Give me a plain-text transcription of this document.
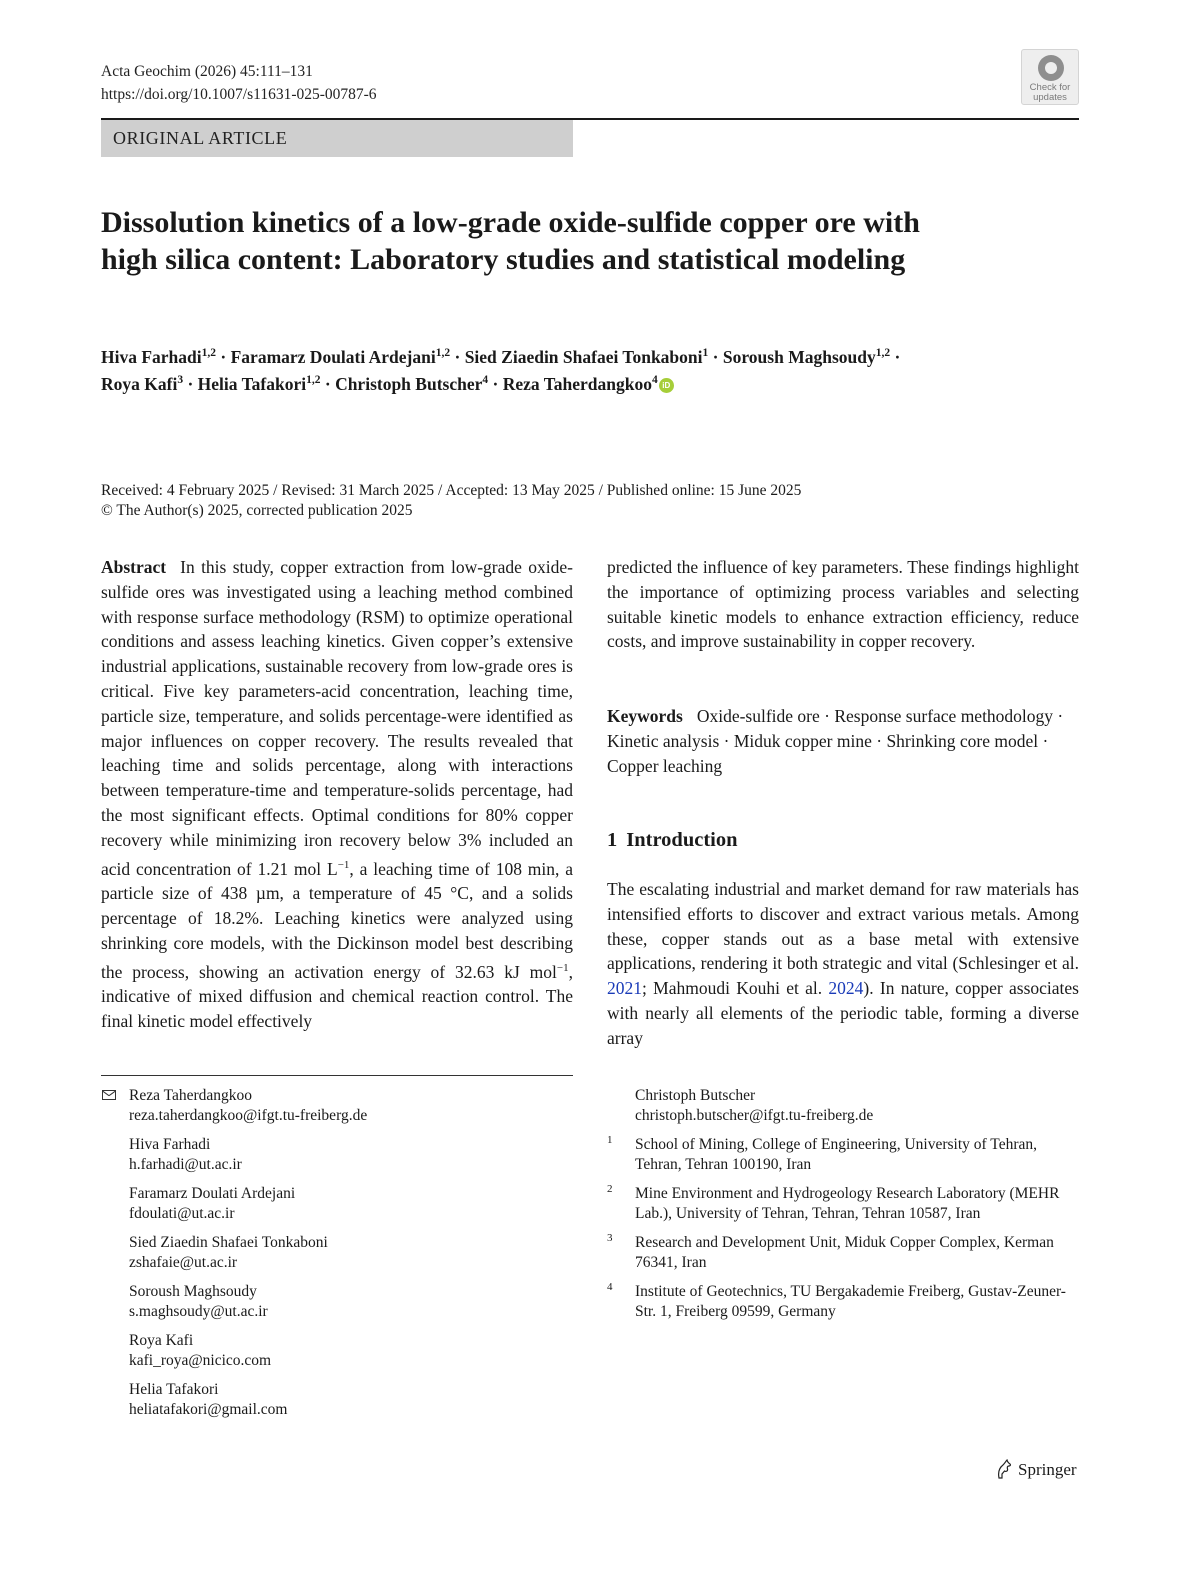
Acta Geochim (2026) 45:111–131
https://doi.org/10.1007/s11631-025-00787-6	Check for
updates
ORIGINAL ARTICLE
Dissolution kinetics of a low-grade oxide-sulfide copper ore with high silica content: Laboratory studies and statistical modeling
Hiva Farhadi$^{1,2}$ · Faramarz Doulati Ardejani$^{1,2}$ · Sied Ziaedin Shafaei Tonkaboni$^1$ · Soroush Maghsoudy$^{1,2}$ ·
Roya Kafi$^3$ · Helia Tafakori$^{1,2}$ · Christoph Butscher$^4$ · Reza Taherdangkoo$^4$ iD
Received: 4 February 2025 / Revised: 31 March 2025 / Accepted: 13 May 2025 / Published online: 15 June 2025
© The Author(s) 2025, corrected publication 2025

Abstract In this study, copper extraction from low-grade oxide-sulfide ores was investigated using a leaching method combined with response surface methodology (RSM) to optimize operational conditions and assess leaching kinetics. Given copper’s extensive industrial applications, sustainable recovery from low-grade ores is critical. Five key parameters-acid concentration, leaching time, particle size, temperature, and solids percentage-were identified as major influences on copper recovery. The results revealed that leaching time and solids percentage, along with interactions between temperature-time and temperature-solids percentage, had the most significant effects. Optimal conditions for 80% copper recovery while minimizing iron recovery below 3% included an acid concentration of 1.21 mol $L^{-1}$, a leaching time of 108 min, a particle size of 438 µm, a temperature of 45 °C, and a solids percentage of 18.2%. Leaching kinetics were analyzed using shrinking core models, with the Dickinson model best describing the process, showing an activation energy of 32.63 kJ mol$^{-1}$, indicative of mixed diffusion and chemical reaction control. The final kinetic model effectively

predicted the influence of key parameters. These findings highlight the importance of optimizing process variables and selecting suitable kinetic models to enhance extraction efficiency, reduce costs, and improve sustainability in copper recovery.

Keywords Oxide-sulfide ore · Response surface methodology · Kinetic analysis · Miduk copper mine · Shrinking core model · Copper leaching
1 Introduction

The escalating industrial and market demand for raw materials has intensified efforts to discover and extract various metals. Among these, copper stands out as a base metal with extensive applications, rendering it both strategic and vital (Schlesinger et al. 2021; Mahmoudi Kouhi et al. 2024). In nature, copper associates with nearly all elements of the periodic table, forming a diverse array

Reza Taherdangkoo
reza.taherdangkoo@ifgt.tu-freiberg.de
Hiva Farhadi
h.farhadi@ut.ac.ir
Faramarz Doulati Ardejani
fdoulati@ut.ac.ir
Sied Ziaedin Shafaei Tonkaboni
zshafaie@ut.ac.ir
Soroush Maghsoudy
s.maghsoudy@ut.ac.ir
Roya Kafi
kafi_roya@nicico.com
Helia Tafakori
heliatafakori@gmail.com
Christoph Butscher
christoph.butscher@ifgt.tu-freiberg.de
1 School of Mining, College of Engineering, University of Tehran, Tehran, Tehran 100190, Iran
2 Mine Environment and Hydrogeology Research Laboratory (MEHR Lab.), University of Tehran, Tehran, Tehran 10587, Iran
3 Research and Development Unit, Miduk Copper Complex, Kerman 76341, Iran
4 Institute of Geotechnics, TU Bergakademie Freiberg, Gustav-Zeuner-Str. 1, Freiberg 09599, Germany
Springer
